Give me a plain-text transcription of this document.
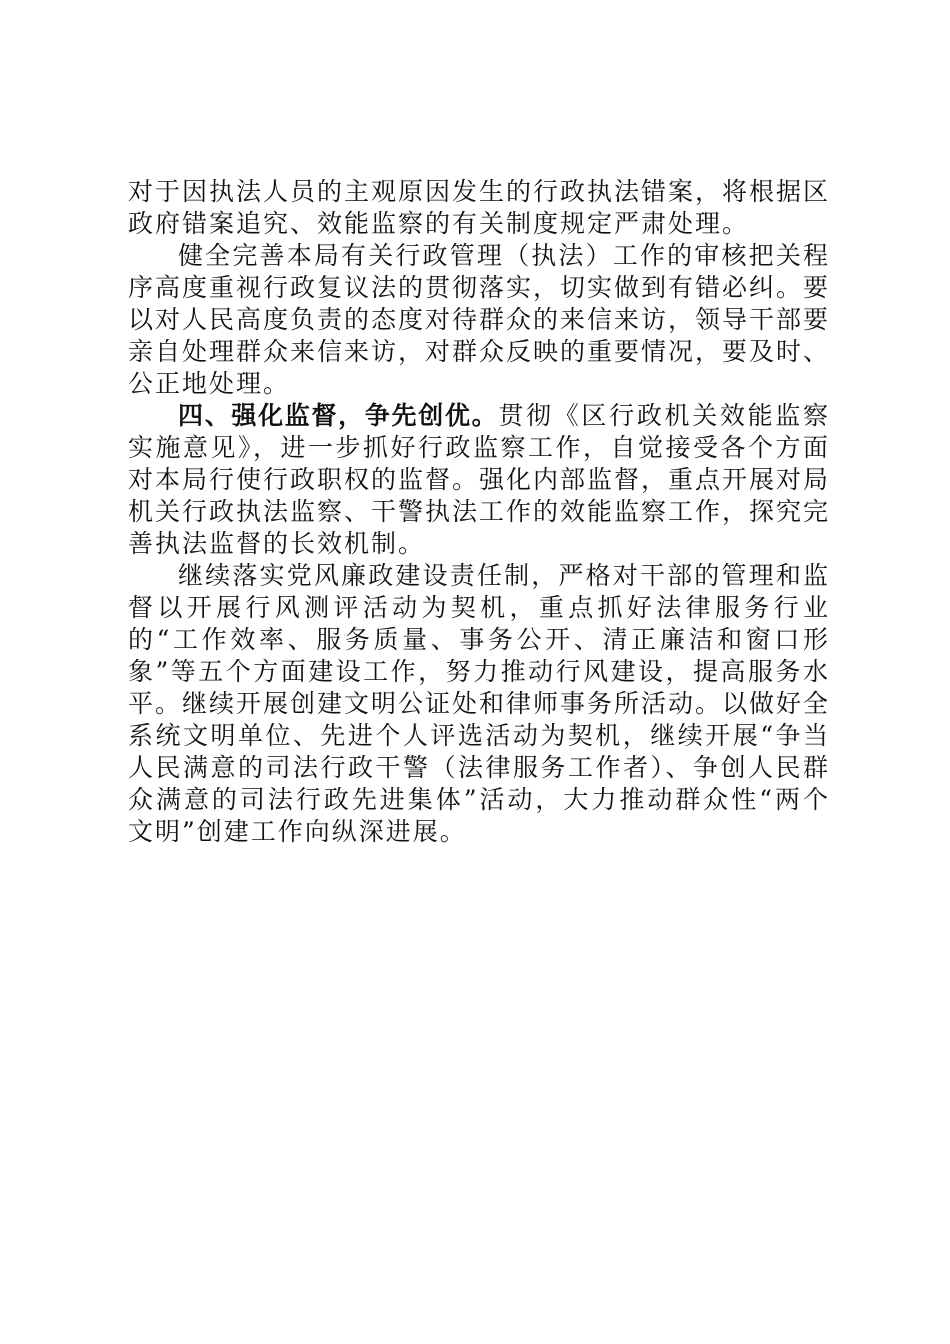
对于因执法人员的主观原因发生的行政执法错案，将根据区政府错案追究、效能监察的有关制度规定严肃处理。

健全完善本局有关行政管理（执法）工作的审核把关程序高度重视行政复议法的贯彻落实，切实做到有错必纠。要以对人民高度负责的态度对待群众的来信来访，领导干部要亲自处理群众来信来访，对群众反映的重要情况，要及时、公正地处理。

四、强化监督，争先创优。贯彻《区行政机关效能监察实施意见》，进一步抓好行政监察工作，自觉接受各个方面对本局行使行政职权的监督。强化内部监督，重点开展对局机关行政执法监察、干警执法工作的效能监察工作，探究完善执法监督的长效机制。

继续落实党风廉政建设责任制，严格对干部的管理和监督以开展行风测评活动为契机，重点抓好法律服务行业的“工作效率、服务质量、事务公开、清正廉洁和窗口形象”等五个方面建设工作，努力推动行风建设，提高服务水平。继续开展创建文明公证处和律师事务所活动。以做好全系统文明单位、先进个人评选活动为契机，继续开展“争当人民满意的司法行政干警（法律服务工作者）、争创人民群众满意的司法行政先进集体”活动，大力推动群众性“两个文明”创建工作向纵深进展。
